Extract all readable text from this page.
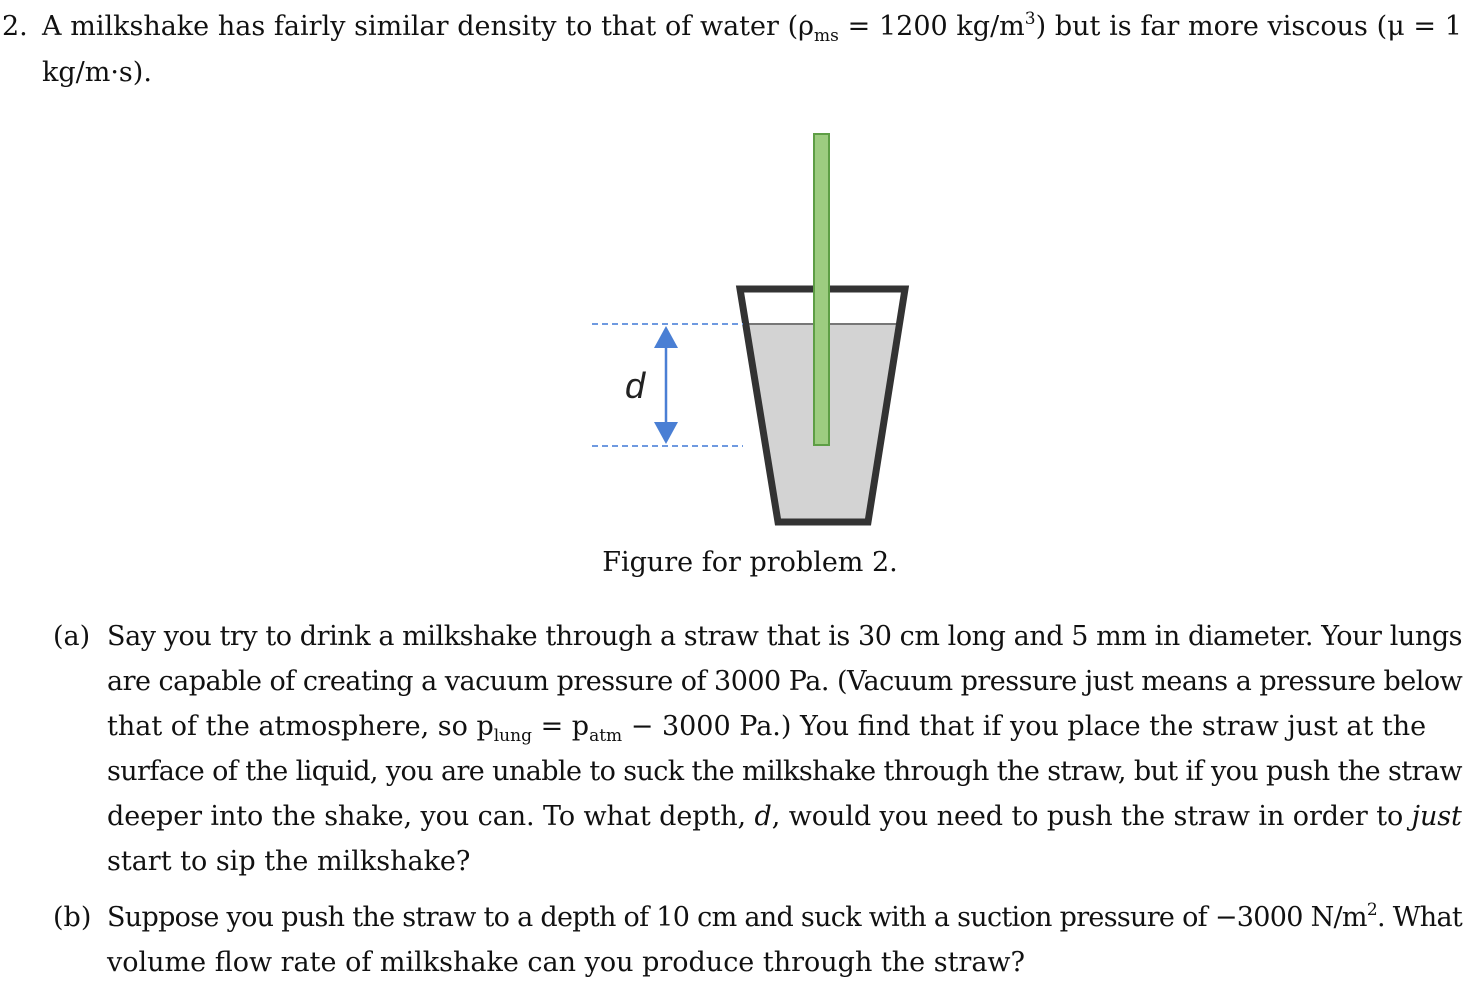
2. A milkshake has fairly similar density to that of water ($\rho_{ms} = 1200$ $kg/m^3$) but is far more viscous (μ = 1
kg/m·s).
d
Figure for problem 2.
(a) Say you try to drink a milkshake through a straw that is 30 cm long and 5 mm in diameter. Your lungs
are capable of creating a vacuum pressure of 3000 Pa. (Vacuum pressure just means a pressure below
that of the atmosphere, so $p_{lung} = p_{atm} - 3000$ Pa.) You find that if you place the straw just at the
surface of the liquid, you are unable to suck the milkshake through the straw, but if you push the straw
deeper into the shake, you can. To what depth, d, would you need to push the straw in order to just
start to sip the milkshake?
(b) Suppose you push the straw to a depth of 10 cm and suck with a suction pressure of −3000 $N/m^2$. What
volume flow rate of milkshake can you produce through the straw?
